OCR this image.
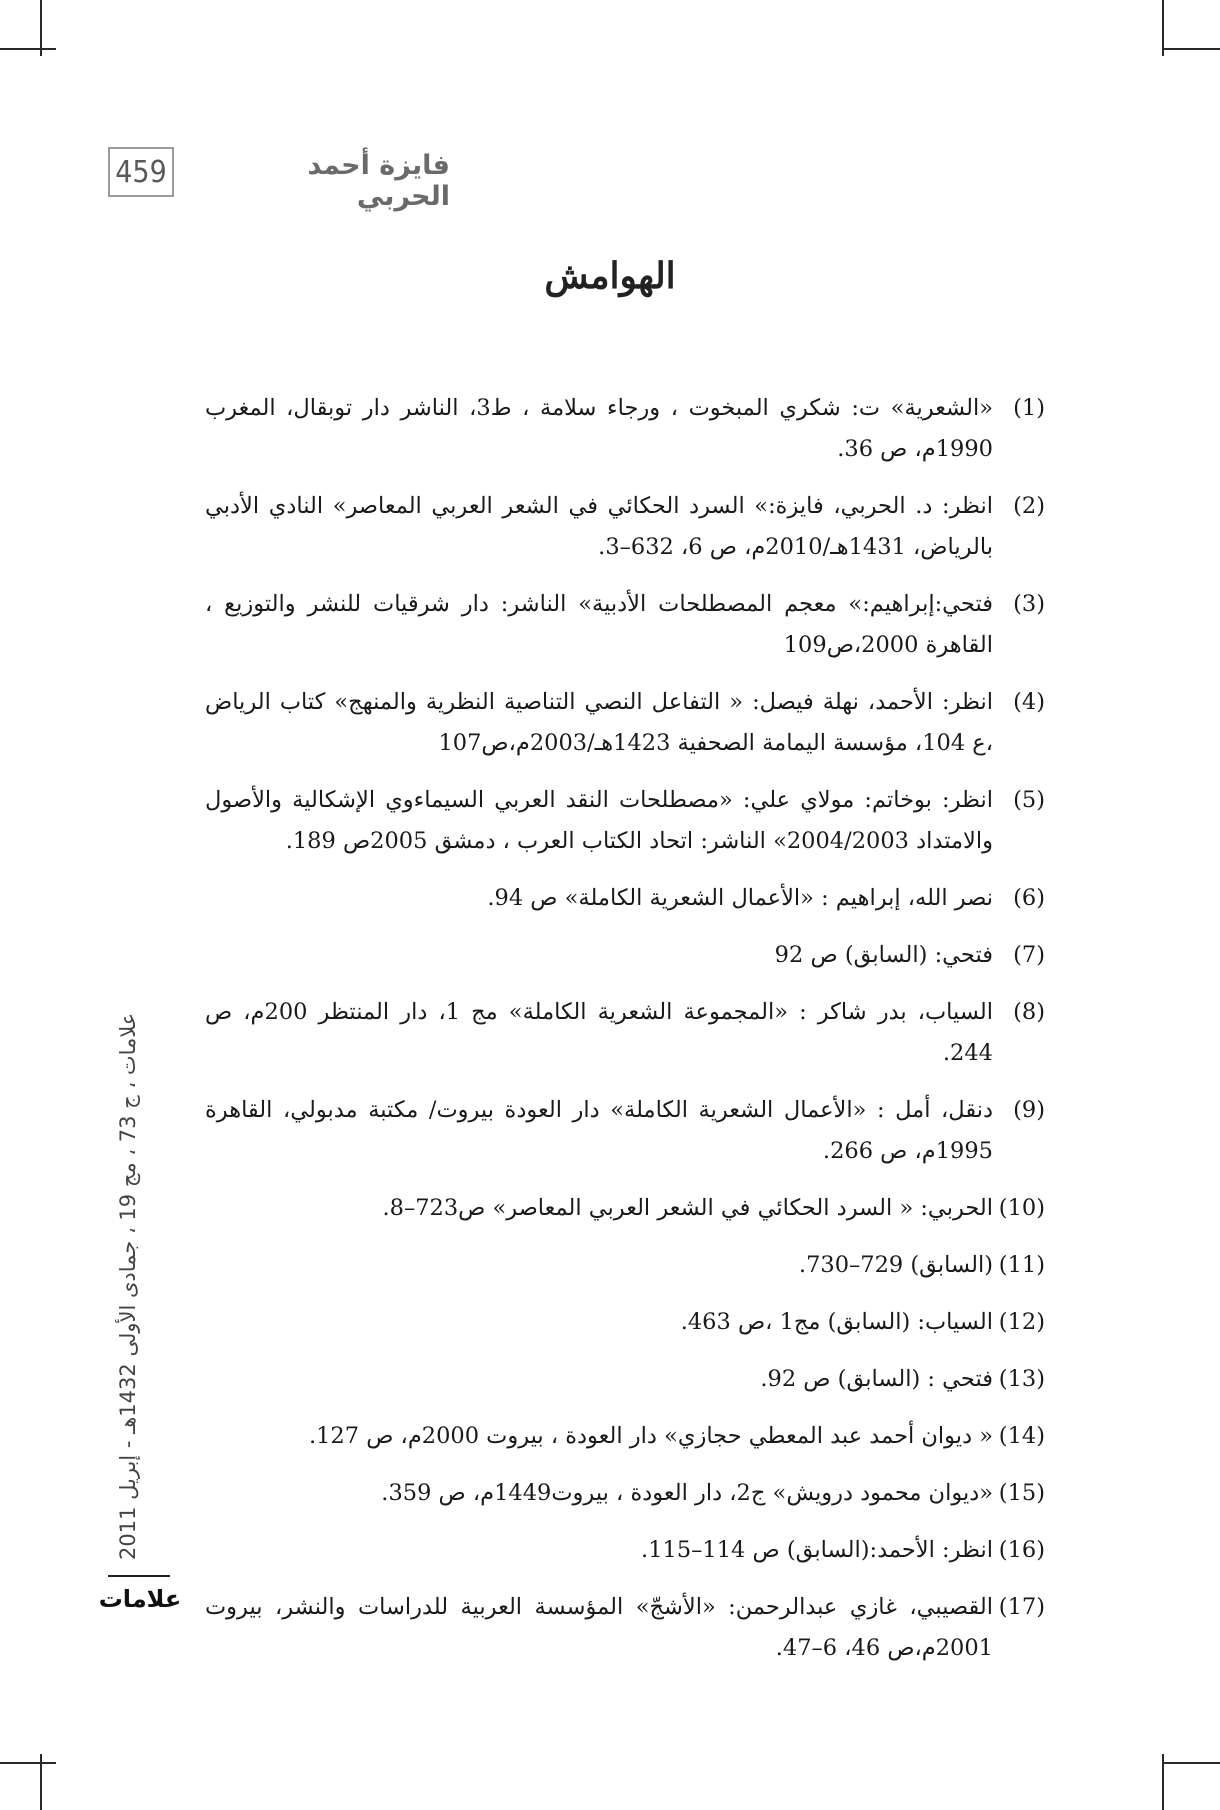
459	فايزة أحمد الحربي
الهوامش
(1)
«الشعرية» ت: شكري المبخوت ، ورجاء سلامة ، ط3، الناشر دار توبقال، المغرب 1990م، ص 36.
(2)
انظر: د. الحربي، فايزة:» السرد الحكائي في الشعر العربي المعاصر» النادي الأدبي بالرياض، 1431هـ/2010م، ص 6، 632–3.
(3)
فتحي:إبراهيم:» معجم المصطلحات الأدبية» الناشر: دار شرقيات للنشر والتوزيع ، القاهرة 2000،ص109
(4)
انظر: الأحمد، نهلة فيصل: « التفاعل النصي التناصية النظرية والمنهج» كتاب الرياض ،ع 104، مؤسسة اليمامة الصحفية 1423هـ/2003م،ص107
(5)
انظر: بوخاتم: مولاي علي: «مصطلحات النقد العربي السيماءوي الإشكالية والأصول والامتداد 2004/2003» الناشر: اتحاد الكتاب العرب ، دمشق 2005ص 189.
(6)
نصر الله، إبراهيم : «الأعمال الشعرية الكاملة» ص 94.
(7)
فتحي: (السابق) ص 92
(8)
السياب، بدر شاكر : «المجموعة الشعرية الكاملة» مج 1، دار المنتظر 200م، ص 244.
(9)
دنقل، أمل : «الأعمال الشعرية الكاملة» دار العودة بيروت/ مكتبة مدبولي، القاهرة 1995م، ص 266.
(10)
الحربي: « السرد الحكائي في الشعر العربي المعاصر» ص723–8.
(11)
(السابق) 729–730.
(12)
السياب: (السابق) مج1 ،ص 463.
(13)
فتحي : (السابق) ص 92.
(14)
« ديوان أحمد عبد المعطي حجازي» دار العودة ، بيروت 2000م، ص 127.
(15)
«ديوان محمود درويش» ج2، دار العودة ، بيروت1449م، ص 359.
(16)
انظر: الأحمد:(السابق) ص 114–115.
(17)
القصيبي، غازي عبدالرحمن: «الأشجّ» المؤسسة العربية للدراسات والنشر، بيروت 2001م،ص 46، 6–47.
علامات ، ج 73 ، مج 19 ، جمادى الأولى 1432هـ - إبريل 2011
علامات
